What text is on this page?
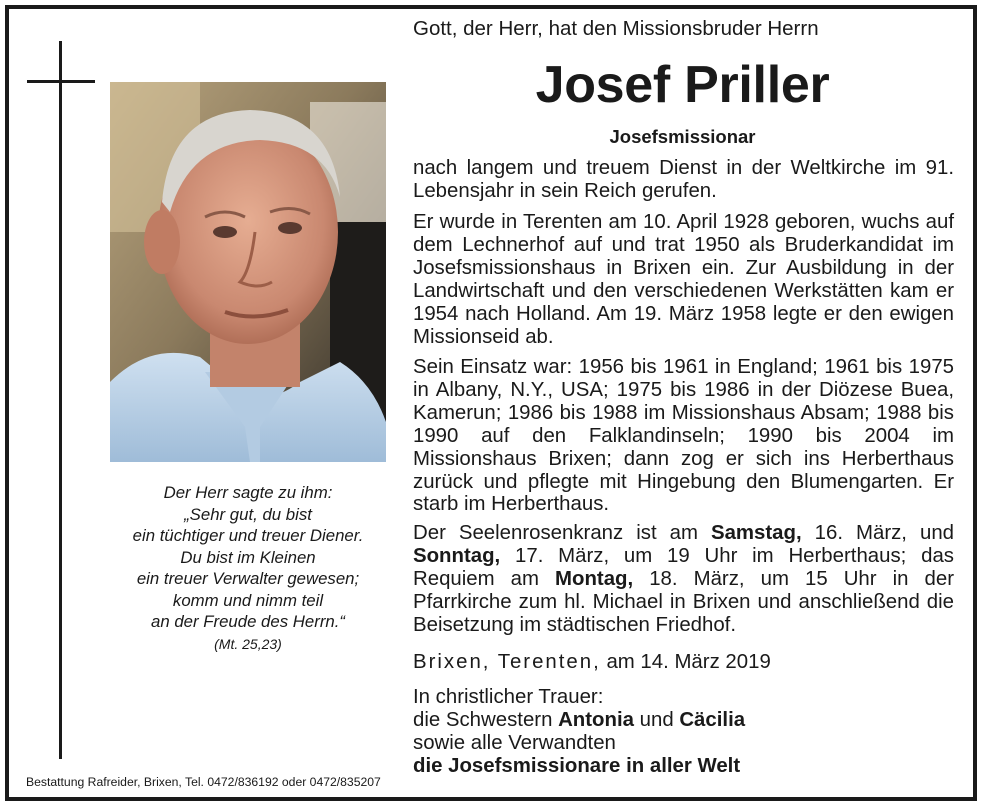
Der Herr sagte zu ihm:
„Sehr gut, du bist
ein tüchtiger und treuer Diener.
Du bist im Kleinen
ein treuer Verwalter gewesen;
komm und nimm teil
an der Freude des Herrn.“
(Mt. 25,23)
Bestattung Rafreider, Brixen, Tel. 0472/836192 oder 0472/835207
Gott, der Herr, hat den Missionsbruder Herrn
Josef Priller
Josefsmissionar
nach langem und treuem Dienst in der Weltkirche im 91. Lebensjahr in sein Reich gerufen.
Er wurde in Terenten am 10. April 1928 geboren, wuchs auf dem Lechnerhof auf und trat 1950 als Bruderkandidat im Josefsmissionshaus in Brixen ein. Zur Ausbildung in der Landwirtschaft und den verschiedenen Werkstätten kam er 1954 nach Holland. Am 19. März 1958 legte er den ewigen Missionseid ab.
Sein Einsatz war: 1956 bis 1961 in England; 1961 bis 1975 in Albany, N.Y., USA; 1975 bis 1986 in der Diözese Buea, Kamerun; 1986 bis 1988 im Missionshaus Absam; 1988 bis 1990 auf den Falklandinseln; 1990 bis 2004 im Missionshaus Brixen; dann zog er sich ins Herberthaus zurück und pflegte mit Hingebung den Blumengarten. Er starb im Herberthaus.
Der Seelenrosenkranz ist am Samstag, 16. März, und Sonntag, 17. März, um 19 Uhr im Herberthaus; das Requiem am Montag, 18. März, um 15 Uhr in der Pfarrkirche zum hl. Michael in Brixen und anschließend die Beisetzung im städtischen Friedhof.
Brixen, Terenten, am 14. März 2019
In christlicher Trauer:
die Schwestern Antonia und Cäcilia
sowie alle Verwandten
die Josefsmissionare in aller Welt
